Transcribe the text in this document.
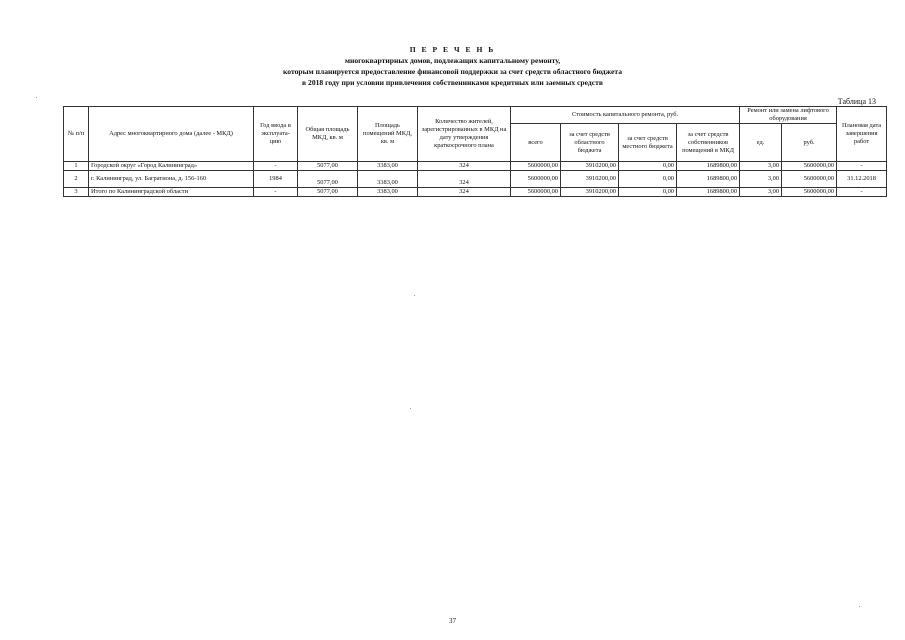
П Е Р Е Ч Е Н Ь
многоквартирных домов, подлежащих капитальному ремонту,
которым планируется предоставление финансовой поддержки за счет средств областного бюджета
в 2018 году при условии привлечения собственниками кредитных или заемных средств
Таблица 13
№ п/п	Адрес многоквартирного дома (далее - МКД)	Год ввода в эксплуата-цию	Общая площадь МКД, кв. м	Площадь помещений МКД, кв. м	Количество жителей, зарегистрированных в МКД на дату утверждения краткосрочного плана	Стоимость капитального ремонта, руб.				Ремонт или замена лифтового оборудования		Плановая дата завершения работ
						всего	за счет средств областного бюджета	за счет средств местного бюджета	за счет средств собственников помещений в МКД	ед.	руб.	
1	Городской округ «Город Калининград»	-	5077,00	3383,00	324	5600000,00	3910200,00	0,00	1689800,00	3,00	5600000,00	-
2	г. Калининград, ул. Багратиона, д. 156-160	1984	5077,00	3383,00	324	5600000,00	3910200,00	0,00	1689800,00	3,00	5600000,00	31.12.2018
3	Итого по Калининградской области	-	5077,00	3383,00	324	5600000,00	3910200,00	0,00	1689800,00	3,00	5600000,00	-
37
